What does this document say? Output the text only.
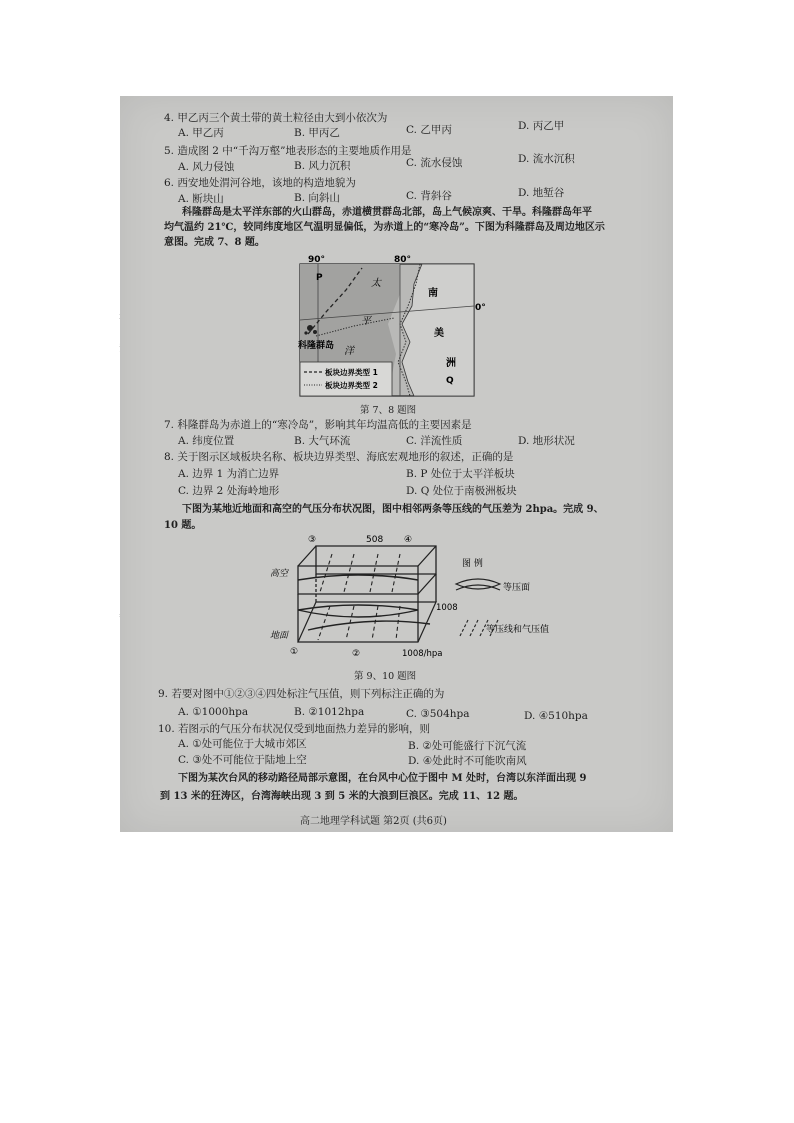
4. 甲乙丙三个黄土带的黄土粒径由大到小依次为
A. 甲乙丙	B. 甲丙乙	C. 乙甲丙	D. 丙乙甲
5. 造成图 2 中“千沟万壑”地表形态的主要地质作用是
A. 风力侵蚀	B. 风力沉积	C. 流水侵蚀	D. 流水沉积
6. 西安地处渭河谷地，该地的构造地貌为
A. 断块山	B. 向斜山	C. 背斜谷	D. 地堑谷
科隆群岛是太平洋东部的火山群岛，赤道横贯群岛北部，岛上气候凉爽、干旱。科隆群岛年平
均气温约 21℃，较同纬度地区气温明显偏低，为赤道上的“寒冷岛”。下图为科隆群岛及周边地区示
意图。完成 7、8 题。
板块边界类型 1
板块边界类型 2
90°	80°
0°
P
Q
太
平
洋
南
美
洲
科隆群岛
第 7、8 题图
7. 科隆群岛为赤道上的“寒冷岛”，影响其年均温高低的主要因素是
A. 纬度位置	B. 大气环流	C. 洋流性质	D. 地形状况
8. 关于图示区域板块名称、板块边界类型、海底宏观地形的叙述，正确的是
A. 边界 1 为消亡边界	B. P 处位于太平洋板块
C. 边界 2 处海岭地形	D. Q 处位于南极洲板块
下图为某地近地面和高空的气压分布状况图，图中相邻两条等压线的气压差为 2hpa。完成 9、
10 题。
③	508 ④
高空
地面
①	②	1008/hpa
图 例
等压面
1008
等压线和气压值
第 9、10 题图
9. 若要对图中①②③④四处标注气压值，则下列标注正确的为
A. ①1000hpa	B. ②1012hpa	C. ③504hpa	D. ④510hpa
10. 若图示的气压分布状况仅受到地面热力差异的影响，则
A. ①处可能位于大城市郊区	B. ②处可能盛行下沉气流
C. ③处不可能位于陆地上空	D. ④处此时不可能吹南风
下图为某次台风的移动路径局部示意图，在台风中心位于图中 M 处时，台湾以东洋面出现 9
到 13 米的狂涛区，台湾海峡出现 3 到 5 米的大浪到巨浪区。完成 11、12 题。
高二地理学科试题 第2页 (共6页)
